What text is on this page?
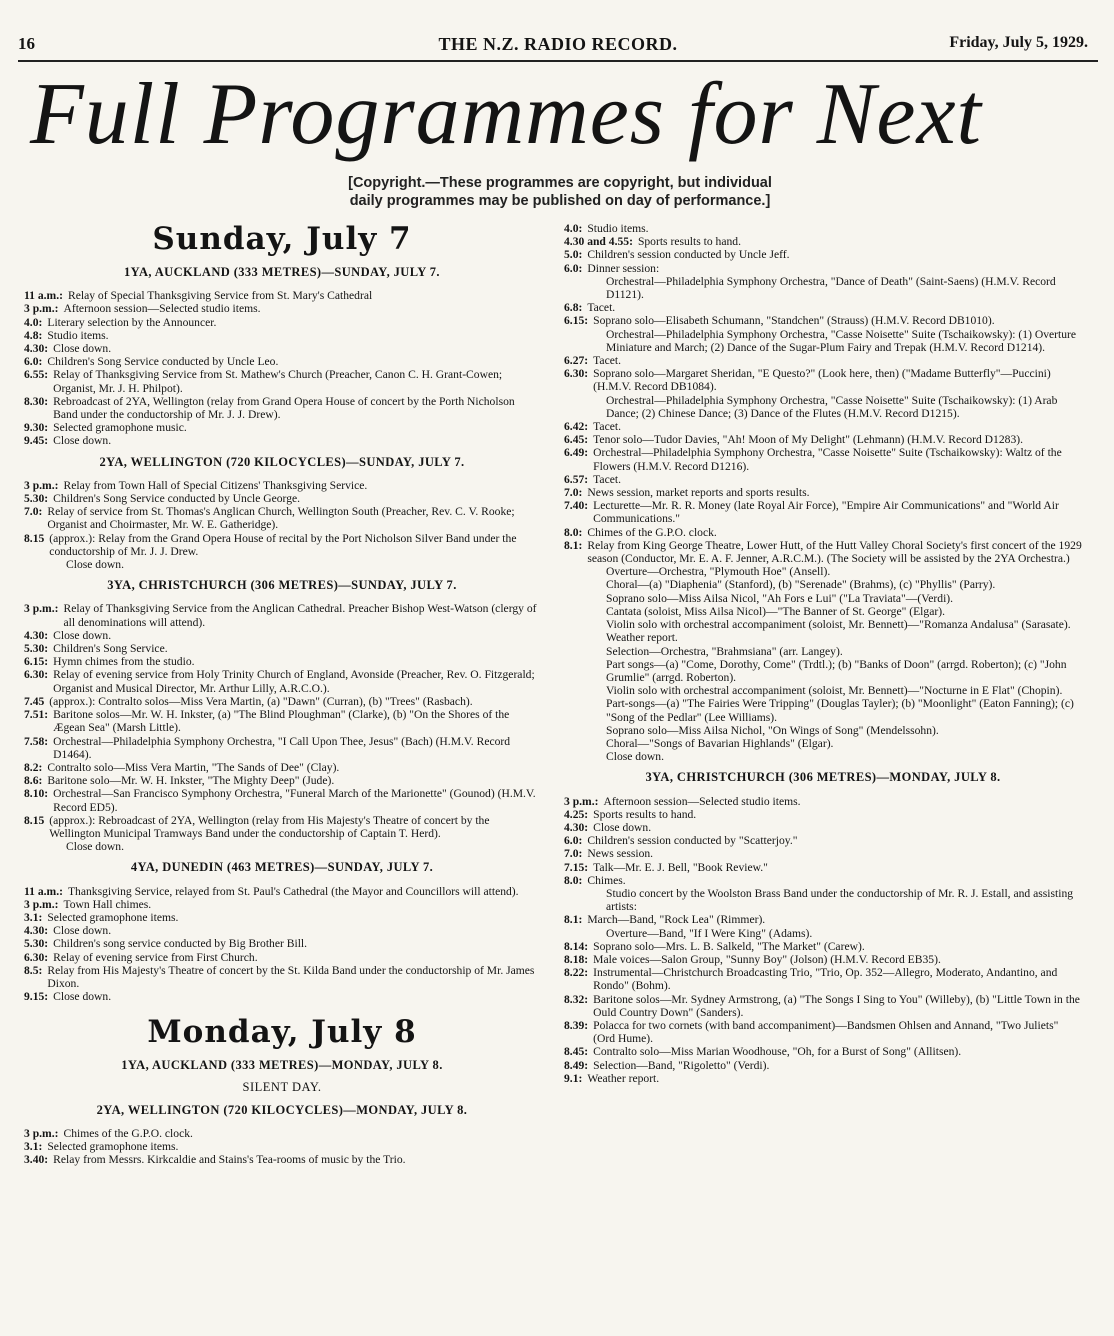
16	THE N.Z. RADIO RECORD.	Friday, July 5, 1929.
Full Programmes for Next
[Copyright.—These programmes are copyright, but individual
daily programmes may be published on day of performance.]
Sunday, July 7
1YA, AUCKLAND (333 METRES)—SUNDAY, JULY 7.
11 a.m.: Relay of Special Thanksgiving Service from St. Mary's Cathedral
3 p.m.: Afternoon session—Selected studio items.
4.0: Literary selection by the Announcer.
4.8: Studio items.
4.30: Close down.
6.0: Children's Song Service conducted by Uncle Leo.
6.55: Relay of Thanksgiving Service from St. Mathew's Church (Preacher, Canon C. H. Grant-Cowen; Organist, Mr. J. H. Philpot).
8.30: Rebroadcast of 2YA, Wellington (relay from Grand Opera House of concert by the Porth Nicholson Band under the conductorship of Mr. J. J. Drew).
9.30: Selected gramophone music.
9.45: Close down.
2YA, WELLINGTON (720 KILOCYCLES)—SUNDAY, JULY 7.
3 p.m.: Relay from Town Hall of Special Citizens' Thanksgiving Service.
5.30: Children's Song Service conducted by Uncle George.
7.0: Relay of service from St. Thomas's Anglican Church, Wellington South (Preacher, Rev. C. V. Rooke; Organist and Choirmaster, Mr. W. E. Gatheridge).
8.15 (approx.): Relay from the Grand Opera House of recital by the Port Nicholson Silver Band under the conductorship of Mr. J. J. Drew.
Close down.
3YA, CHRISTCHURCH (306 METRES)—SUNDAY, JULY 7.
3 p.m.: Relay of Thanksgiving Service from the Anglican Cathedral. Preacher Bishop West-Watson (clergy of all denominations will attend).
4.30: Close down.
5.30: Children's Song Service.
6.15: Hymn chimes from the studio.
6.30: Relay of evening service from Holy Trinity Church of England, Avonside (Preacher, Rev. O. Fitzgerald; Organist and Musical Director, Mr. Arthur Lilly, A.R.C.O.).
7.45 (approx.): Contralto solos—Miss Vera Martin, (a) "Dawn" (Curran), (b) "Trees" (Rasbach).
7.51: Baritone solos—Mr. W. H. Inkster, (a) "The Blind Ploughman" (Clarke), (b) "On the Shores of the Ægean Sea" (Marsh Little).
7.58: Orchestral—Philadelphia Symphony Orchestra, "I Call Upon Thee, Jesus" (Bach) (H.M.V. Record D1464).
8.2: Contralto solo—Miss Vera Martin, "The Sands of Dee" (Clay).
8.6: Baritone solo—Mr. W. H. Inkster, "The Mighty Deep" (Jude).
8.10: Orchestral—San Francisco Symphony Orchestra, "Funeral March of the Marionette" (Gounod) (H.M.V. Record ED5).
8.15 (approx.): Rebroadcast of 2YA, Wellington (relay from His Majesty's Theatre of concert by the Wellington Municipal Tramways Band under the conductorship of Captain T. Herd).
Close down.
4YA, DUNEDIN (463 METRES)—SUNDAY, JULY 7.
11 a.m.: Thanksgiving Service, relayed from St. Paul's Cathedral (the Mayor and Councillors will attend).
3 p.m.: Town Hall chimes.
3.1: Selected gramophone items.
4.30: Close down.
5.30: Children's song service conducted by Big Brother Bill.
6.30: Relay of evening service from First Church.
8.5: Relay from His Majesty's Theatre of concert by the St. Kilda Band under the conductorship of Mr. James Dixon.
9.15: Close down.
Monday, July 8
1YA, AUCKLAND (333 METRES)—MONDAY, JULY 8.
SILENT DAY.
2YA, WELLINGTON (720 KILOCYCLES)—MONDAY, JULY 8.
3 p.m.: Chimes of the G.P.O. clock.
3.1: Selected gramophone items.
3.40: Relay from Messrs. Kirkcaldie and Stains's Tea-rooms of music by the Trio.
4.0: Studio items.
4.30 and 4.55: Sports results to hand.
5.0: Children's session conducted by Uncle Jeff.
6.0: Dinner session:
Orchestral—Philadelphia Symphony Orchestra, "Dance of Death" (Saint-Saens) (H.M.V. Record D1121).
6.8: Tacet.
6.15: Soprano solo—Elisabeth Schumann, "Standchen" (Strauss) (H.M.V. Record DB1010).
Orchestral—Philadelphia Symphony Orchestra, "Casse Noisette" Suite (Tschaikowsky): (1) Overture Miniature and March; (2) Dance of the Sugar-Plum Fairy and Trepak (H.M.V. Record D1214).
6.27: Tacet.
6.30: Soprano solo—Margaret Sheridan, "E Questo?" (Look here, then) ("Madame Butterfly"—Puccini) (H.M.V. Record DB1084).
Orchestral—Philadelphia Symphony Orchestra, "Casse Noisette" Suite (Tschaikowsky): (1) Arab Dance; (2) Chinese Dance; (3) Dance of the Flutes (H.M.V. Record D1215).
6.42: Tacet.
6.45: Tenor solo—Tudor Davies, "Ah! Moon of My Delight" (Lehmann) (H.M.V. Record D1283).
6.49: Orchestral—Philadelphia Symphony Orchestra, "Casse Noisette" Suite (Tschaikowsky): Waltz of the Flowers (H.M.V. Record D1216).
6.57: Tacet.
7.0: News session, market reports and sports results.
7.40: Lecturette—Mr. R. R. Money (late Royal Air Force), "Empire Air Communications" and "World Air Communications."
8.0: Chimes of the G.P.O. clock.
8.1: Relay from King George Theatre, Lower Hutt, of the Hutt Valley Choral Society's first concert of the 1929 season (Conductor, Mr. E. A. F. Jenner, A.R.C.M.). (The Society will be assisted by the 2YA Orchestra.)
Overture—Orchestra, "Plymouth Hoe" (Ansell).
Choral—(a) "Diaphenia" (Stanford), (b) "Serenade" (Brahms), (c) "Phyllis" (Parry).
Soprano solo—Miss Ailsa Nicol, "Ah Fors e Lui" ("La Traviata"—(Verdi).
Cantata (soloist, Miss Ailsa Nicol)—"The Banner of St. George" (Elgar).
Violin solo with orchestral accompaniment (soloist, Mr. Bennett)—"Romanza Andalusa" (Sarasate).
Weather report.
Selection—Orchestra, "Brahmsiana" (arr. Langey).
Part songs—(a) "Come, Dorothy, Come" (Trdtl.); (b) "Banks of Doon" (arrgd. Roberton); (c) "John Grumlie" (arrgd. Roberton).
Violin solo with orchestral accompaniment (soloist, Mr. Bennett)—"Nocturne in E Flat" (Chopin).
Part-songs—(a) "The Fairies Were Tripping" (Douglas Tayler); (b) "Moonlight" (Eaton Fanning); (c) "Song of the Pedlar" (Lee Williams).
Soprano solo—Miss Ailsa Nichol, "On Wings of Song" (Mendelssohn).
Choral—"Songs of Bavarian Highlands" (Elgar).
Close down.
3YA, CHRISTCHURCH (306 METRES)—MONDAY, JULY 8.
3 p.m.: Afternoon session—Selected studio items.
4.25: Sports results to hand.
4.30: Close down.
6.0: Children's session conducted by "Scatterjoy."
7.0: News session.
7.15: Talk—Mr. E. J. Bell, "Book Review."
8.0: Chimes.
Studio concert by the Woolston Brass Band under the conductorship of Mr. R. J. Estall, and assisting artists:
8.1: March—Band, "Rock Lea" (Rimmer).
Overture—Band, "If I Were King" (Adams).
8.14: Soprano solo—Mrs. L. B. Salkeld, "The Market" (Carew).
8.18: Male voices—Salon Group, "Sunny Boy" (Jolson) (H.M.V. Record EB35).
8.22: Instrumental—Christchurch Broadcasting Trio, "Trio, Op. 352—Allegro, Moderato, Andantino, and Rondo" (Bohm).
8.32: Baritone solos—Mr. Sydney Armstrong, (a) "The Songs I Sing to You" (Willeby), (b) "Little Town in the Ould Country Down" (Sanders).
8.39: Polacca for two cornets (with band accompaniment)—Bandsmen Ohlsen and Annand, "Two Juliets" (Ord Hume).
8.45: Contralto solo—Miss Marian Woodhouse, "Oh, for a Burst of Song" (Allitsen).
8.49: Selection—Band, "Rigoletto" (Verdi).
9.1: Weather report.
